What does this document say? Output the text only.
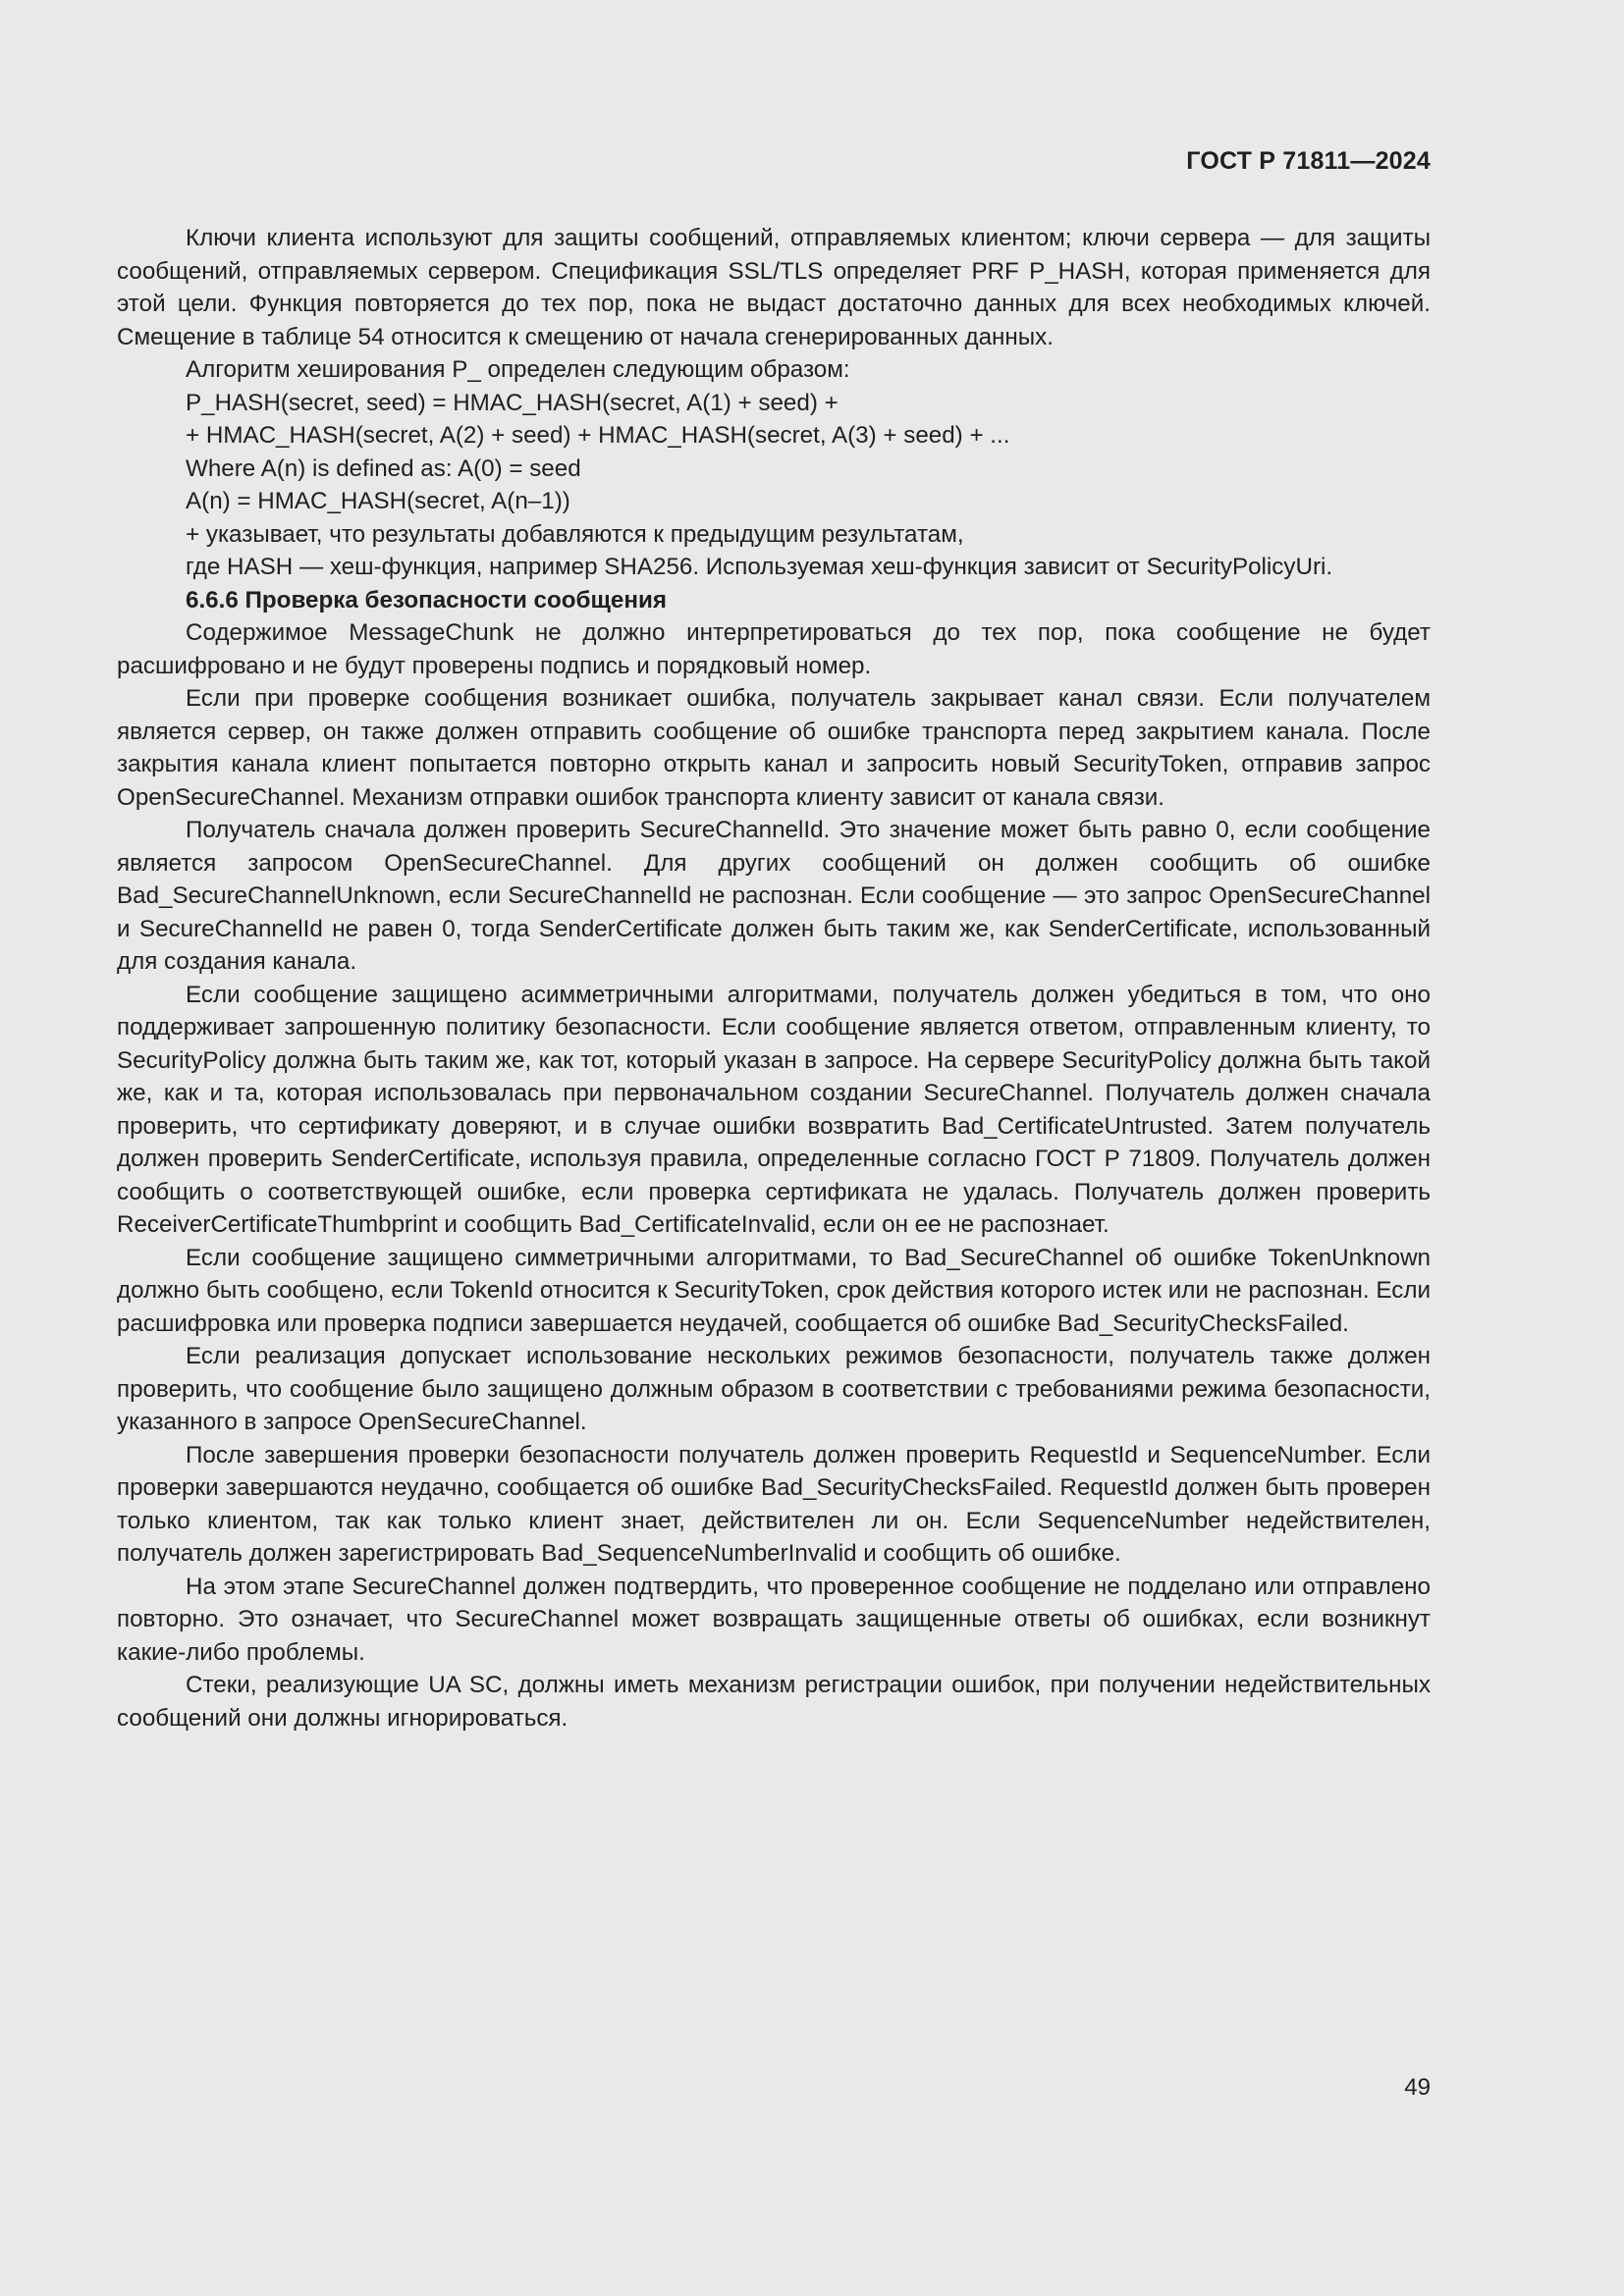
ГОСТ Р 71811—2024

Ключи клиента используют для защиты сообщений, отправляемых клиентом; ключи сервера — для защиты сообщений, отправляемых сервером. Спецификация SSL/TLS определяет PRF P_HASH, которая применяется для этой цели. Функция повторяется до тех пор, пока не выдаст достаточно данных для всех необходимых ключей. Смещение в таблице 54 относится к смещению от начала сгенерированных данных.

Алгоритм хеширования P_ определен следующим образом:

P_HASH(secret, seed) = HMAC_HASH(secret, A(1) + seed) +

+ HMAC_HASH(secret, A(2) + seed) + HMAC_HASH(secret, A(3) + seed) + ...

Where A(n) is defined as: A(0) = seed

A(n) = HMAC_HASH(secret, A(n–1))

+ указывает, что результаты добавляются к предыдущим результатам,

где HASH — хеш-функция, например SHA256. Используемая хеш-функция зависит от SecurityPolicyUri.

6.6.6 Проверка безопасности сообщения

Содержимое MessageChunk не должно интерпретироваться до тех пор, пока сообщение не будет расшифровано и не будут проверены подпись и порядковый номер.

Если при проверке сообщения возникает ошибка, получатель закрывает канал связи. Если получателем является сервер, он также должен отправить сообщение об ошибке транспорта перед закрытием канала. После закрытия канала клиент попытается повторно открыть канал и запросить новый SecurityToken, отправив запрос OpenSecureChannel. Механизм отправки ошибок транспорта клиенту зависит от канала связи.

Получатель сначала должен проверить SecureChannelId. Это значение может быть равно 0, если сообщение является запросом OpenSecureChannel. Для других сообщений он должен сообщить об ошибке Bad_SecureChannelUnknown, если SecureChannelId не распознан. Если сообщение — это запрос OpenSecureChannel и SecureChannelId не равен 0, тогда SenderCertificate должен быть таким же, как SenderCertificate, использованный для создания канала.

Если сообщение защищено асимметричными алгоритмами, получатель должен убедиться в том, что оно поддерживает запрошенную политику безопасности. Если сообщение является ответом, отправленным клиенту, то SecurityPolicy должна быть таким же, как тот, который указан в запросе. На сервере SecurityPolicy должна быть такой же, как и та, которая использовалась при первоначальном создании SecureChannel. Получатель должен сначала проверить, что сертификату доверяют, и в случае ошибки возвратить Bad_CertificateUntrusted. Затем получатель должен проверить SenderCertificate, используя правила, определенные согласно ГОСТ Р 71809. Получатель должен сообщить о соответствующей ошибке, если проверка сертификата не удалась. Получатель должен проверить ReceiverCertificateThumbprint и сообщить Bad_CertificateInvalid, если он ее не распознает.

Если сообщение защищено симметричными алгоритмами, то Bad_SecureChannel об ошибке TokenUnknown должно быть сообщено, если TokenId относится к SecurityToken, срок действия которого истек или не распознан. Если расшифровка или проверка подписи завершается неудачей, сообщается об ошибке Bad_SecurityChecksFailed.

Если реализация допускает использование нескольких режимов безопасности, получатель также должен проверить, что сообщение было защищено должным образом в соответствии с требованиями режима безопасности, указанного в запросе OpenSecureChannel.

После завершения проверки безопасности получатель должен проверить RequestId и SequenceNumber. Если проверки завершаются неудачно, сообщается об ошибке Bad_SecurityChecksFailed. RequestId должен быть проверен только клиентом, так как только клиент знает, действителен ли он. Если SequenceNumber недействителен, получатель должен зарегистрировать Bad_SequenceNumberInvalid и сообщить об ошибке.

На этом этапе SecureChannel должен подтвердить, что проверенное сообщение не подделано или отправлено повторно. Это означает, что SecureChannel может возвращать защищенные ответы об ошибках, если возникнут какие-либо проблемы.

Стеки, реализующие UA SC, должны иметь механизм регистрации ошибок, при получении недействительных сообщений они должны игнорироваться.

49
